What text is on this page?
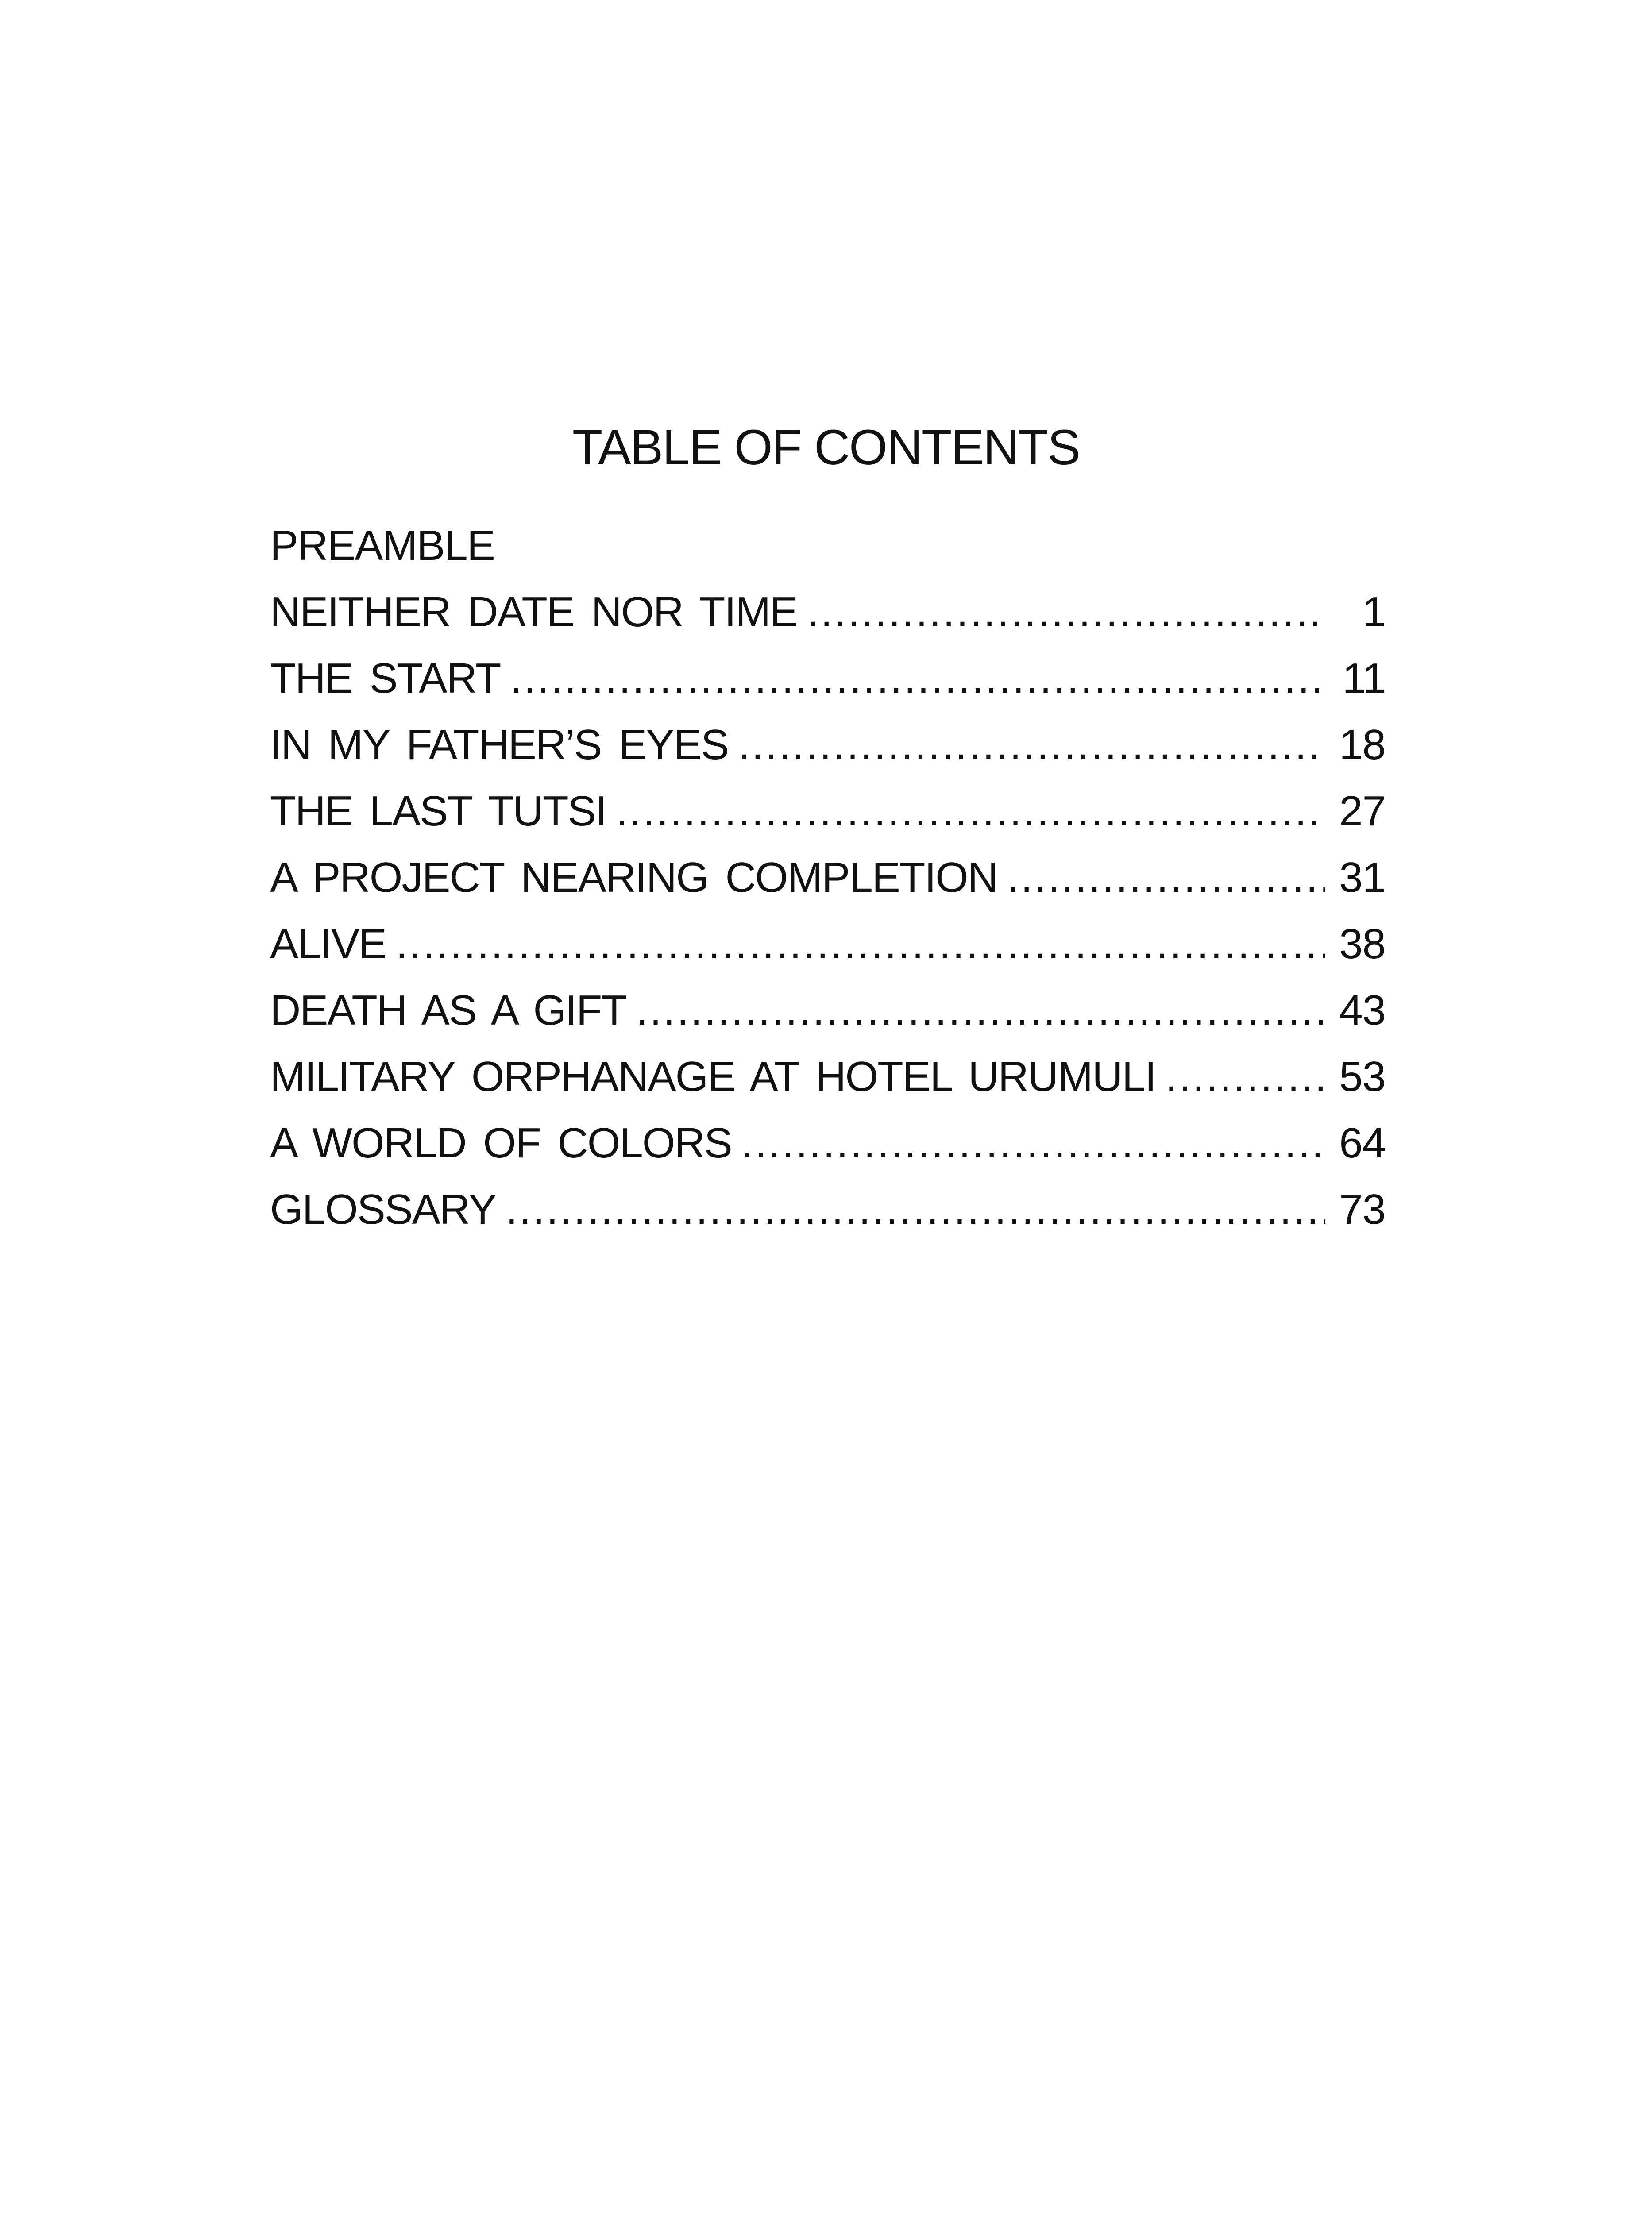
TABLE OF CONTENTS
PREAMBLE
NEITHER DATE NOR TIME .....	1
THE START .....	11
IN MY FATHER’S EYES .....	18
THE LAST TUTSI .....	27
A PROJECT NEARING COMPLETION .....	31
ALIVE .....	38
DEATH AS A GIFT .....	43
MILITARY ORPHANAGE AT HOTEL URUMULI .....	53
A WORLD OF COLORS .....	64
GLOSSARY .....	73
